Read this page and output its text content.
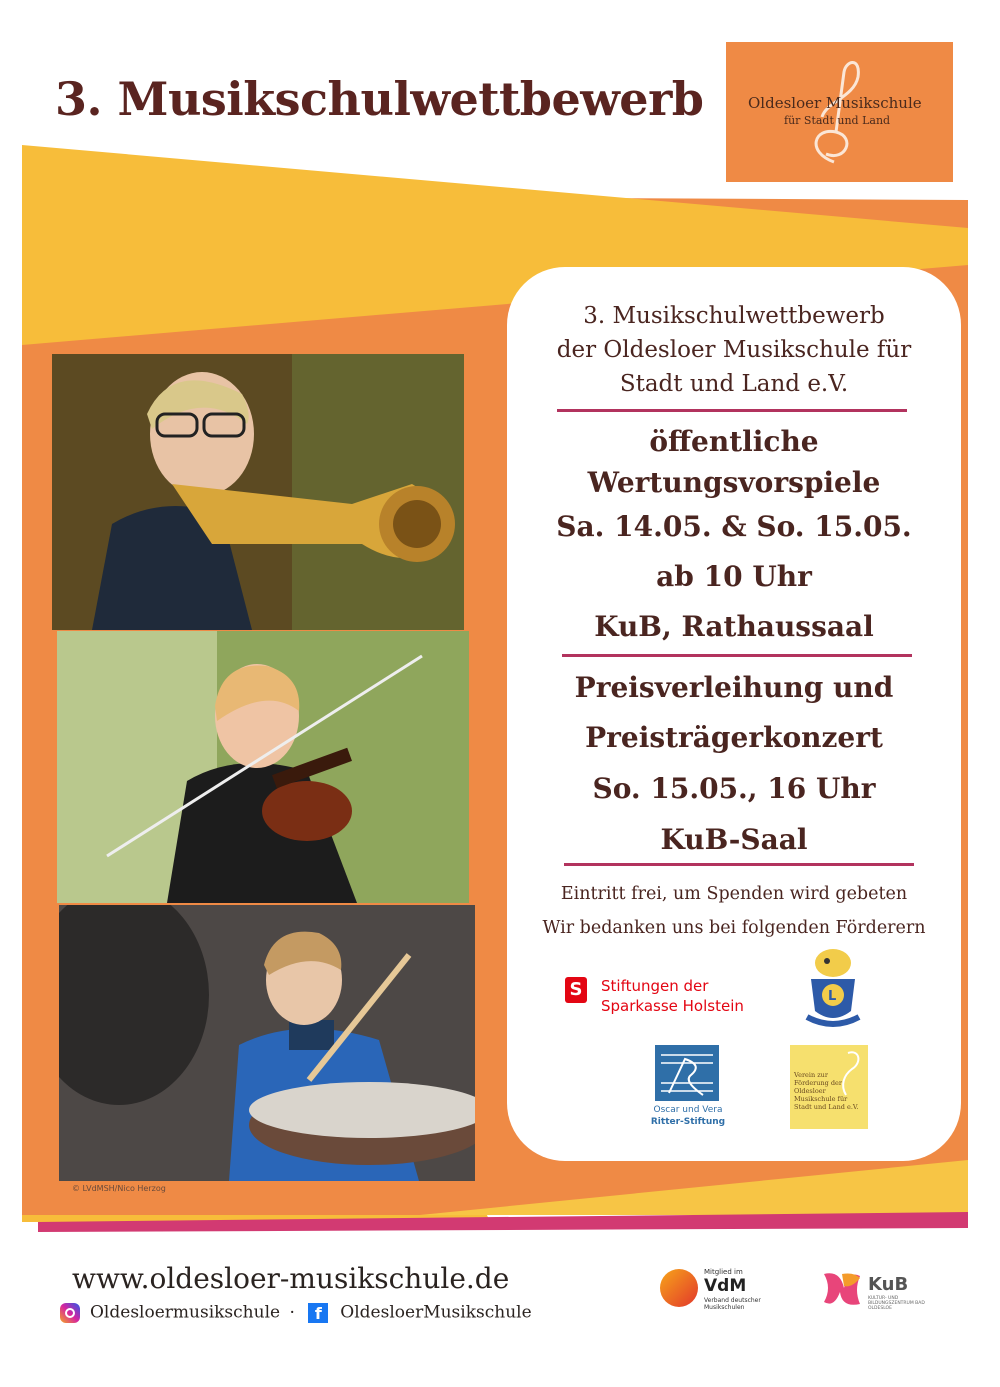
3. Musikschulwettbewerb	Oldesloer Musikschule
für Stadt und Land
© LVdMSH/Nico Herzog
3. Musikschulwettbewerb
der Oldesloer Musikschule für
Stadt und Land e.V.
öffentliche
Wertungsvorspiele
Sa. 14.05. & So. 15.05.
ab 10 Uhr
KuB, Rathaussaal
Preisverleihung und
Preisträgerkonzert
So. 15.05., 16 Uhr
KuB-Saal
Eintritt frei, um Spenden wird gebeten
Wir bedanken uns bei folgenden Förderern
S	Stiftungen der
Sparkasse Holstein
L
Oscar und Vera
Ritter-Stiftung
Verein zur Förderung der Oldesloer Musikschule für Stadt und Land e.V.
www.oldesloer-musikschule.de
Oldesloermusikschule · f OldesloerMusikschule
Mitglied im
VdM
Verband deutscher Musikschulen
KuB
KULTUR- UND BILDUNGSZENTRUM BAD OLDESLOE
